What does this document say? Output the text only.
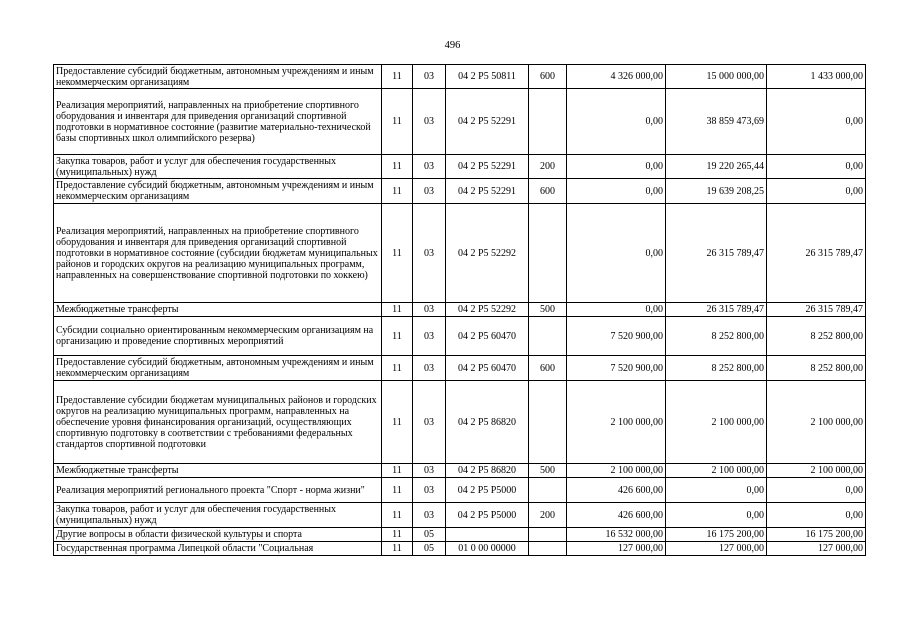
496
Предоставление субсидий бюджетным, автономным учреждениям и иным некоммерческим организациям	11	03	04 2 Р5 50811	600	4 326 000,00	15 000 000,00	1 433 000,00
Реализация мероприятий, направленных на приобретение спортивного оборудования и инвентаря для приведения организаций спортивной подготовки в нормативное состояние (развитие материально-технической базы спортивных школ олимпийского резерва)	11	03	04 2 Р5 52291		0,00	38 859 473,69	0,00
Закупка товаров, работ и услуг для обеспечения государственных (муниципальных) нужд	11	03	04 2 Р5 52291	200	0,00	19 220 265,44	0,00
Предоставление субсидий бюджетным, автономным учреждениям и иным некоммерческим организациям	11	03	04 2 Р5 52291	600	0,00	19 639 208,25	0,00
Реализация мероприятий, направленных на приобретение спортивного оборудования и инвентаря для приведения организаций спортивной подготовки в нормативное состояние (субсидии бюджетам муниципальных районов и городских округов на реализацию муниципальных программ, направленных на совершенствование спортивной подготовки по хоккею)	11	03	04 2 Р5 52292		0,00	26 315 789,47	26 315 789,47
Межбюджетные трансферты	11	03	04 2 Р5 52292	500	0,00	26 315 789,47	26 315 789,47
Субсидии социально ориентированным некоммерческим организациям на организацию и проведение спортивных мероприятий	11	03	04 2 Р5 60470		7 520 900,00	8 252 800,00	8 252 800,00
Предоставление субсидий бюджетным, автономным учреждениям и иным некоммерческим организациям	11	03	04 2 Р5 60470	600	7 520 900,00	8 252 800,00	8 252 800,00
Предоставление субсидии бюджетам муниципальных районов и городских округов на реализацию муниципальных программ, направленных на обеспечение уровня финансирования организаций, осуществляющих спортивную подготовку в соответствии с требованиями федеральных стандартов спортивной подготовки	11	03	04 2 Р5 86820		2 100 000,00	2 100 000,00	2 100 000,00
Межбюджетные трансферты	11	03	04 2 Р5 86820	500	2 100 000,00	2 100 000,00	2 100 000,00
Реализация мероприятий регионального проекта "Спорт - норма жизни"	11	03	04 2 Р5 Р5000		426 600,00	0,00	0,00
Закупка товаров, работ и услуг для обеспечения государственных (муниципальных) нужд	11	03	04 2 Р5 Р5000	200	426 600,00	0,00	0,00
Другие вопросы в области физической культуры и спорта	11	05			16 532 000,00	16 175 200,00	16 175 200,00
Государственная программа Липецкой области "Социальная	11	05	01 0 00 00000		127 000,00	127 000,00	127 000,00
